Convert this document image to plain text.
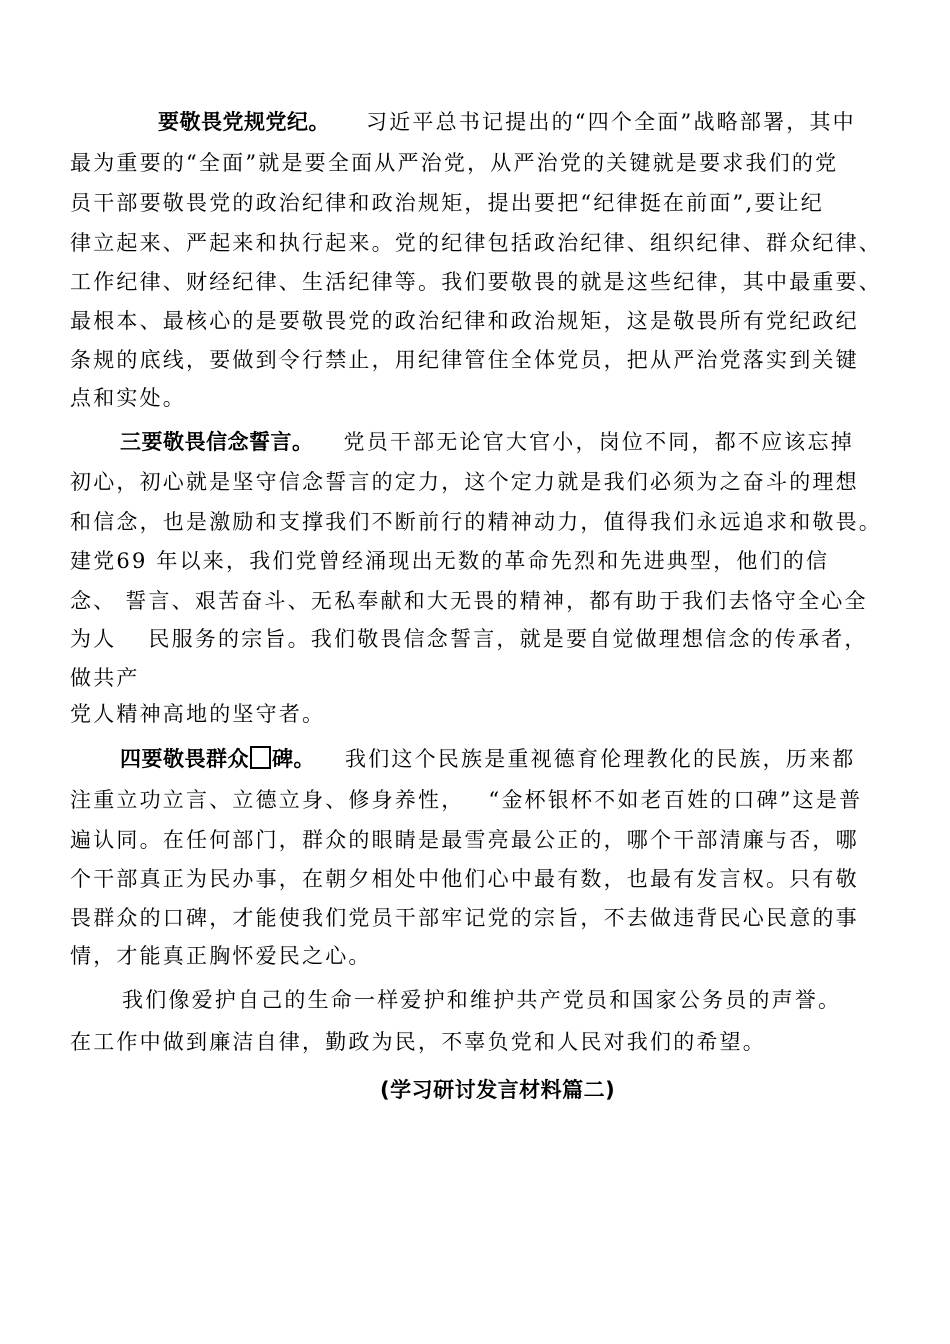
要敬畏党规党纪。 习近平总书记提出的“四个全面”战略部署，其中
最为重要的“全面”就是要全面从严治党，从严治党的关键就是要求我们的党
员干部要敬畏党的政治纪律和政治规矩，提出要把“纪律挺在前面”,要让纪
律立起来、严起来和执行起来。党的纪律包括政治纪律、组织纪律、群众纪律、
工作纪律、财经纪律、生活纪律等。我们要敬畏的就是这些纪律，其中最重要、
最根本、最核心的是要敬畏党的政治纪律和政治规矩，这是敬畏所有党纪政纪
条规的底线，要做到令行禁止，用纪律管住全体党员，把从严治党落实到关键
点和实处。
三要敬畏信念誓言。 党员干部无论官大官小，岗位不同，都不应该忘掉
初心，初心就是坚守信念誓言的定力，这个定力就是我们必须为之奋斗的理想
和信念，也是激励和支撑我们不断前行的精神动力，值得我们永远追求和敬畏。
建党69 年以来，我们党曾经涌现出无数的革命先烈和先进典型，他们的信
念、 誓言、艰苦奋斗、无私奉献和大无畏的精神，都有助于我们去恪守全心全
为人 民服务的宗旨。我们敬畏信念誓言，就是要自觉做理想信念的传承者，
做共产
党人精神高地的坚守者。
四要敬畏群众 碑。 我们这个民族是重视德育伦理教化的民族，历来都
注重立功立言、立德立身、修身养性， “金杯银杯不如老百姓的口碑”这是普
遍认同。在任何部门，群众的眼睛是最雪亮最公正的，哪个干部清廉与否，哪
个干部真正为民办事，在朝夕相处中他们心中最有数，也最有发言权。只有敬
畏群众的口碑，才能使我们党员干部牢记党的宗旨，不去做违背民心民意的事
情，才能真正胸怀爱民之心。
我们像爱护自己的生命一样爱护和维护共产党员和国家公务员的声誉。
在工作中做到廉洁自律，勤政为民，不辜负党和人民对我们的希望。
(学习研讨发言材料篇二)
